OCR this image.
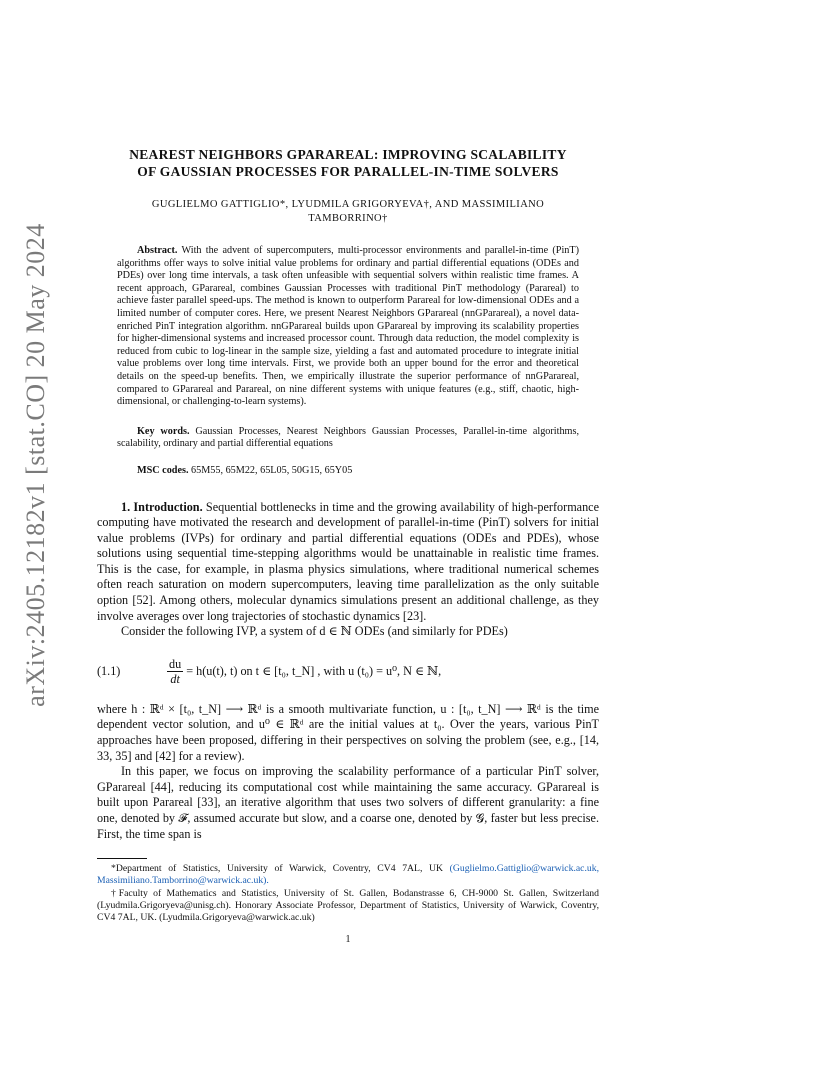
arXiv:2405.12182v1 [stat.CO] 20 May 2024
NEAREST NEIGHBORS GPARAREAL: IMPROVING SCALABILITY
OF GAUSSIAN PROCESSES FOR PARALLEL-IN-TIME SOLVERS
GUGLIELMO GATTIGLIO*, LYUDMILA GRIGORYEVA†, AND MASSIMILIANO
TAMBORRINO†

Abstract. With the advent of supercomputers, multi-processor environments and parallel-in-time (PinT) algorithms offer ways to solve initial value problems for ordinary and partial differential equations (ODEs and PDEs) over long time intervals, a task often unfeasible with sequential solvers within realistic time frames. A recent approach, GParareal, combines Gaussian Processes with traditional PinT methodology (Parareal) to achieve faster parallel speed-ups. The method is known to outperform Parareal for low-dimensional ODEs and a limited number of computer cores. Here, we present Nearest Neighbors GParareal (nnGParareal), a novel data-enriched PinT integration algorithm. nnGParareal builds upon GParareal by improving its scalability properties for higher-dimensional systems and increased processor count. Through data reduction, the model complexity is reduced from cubic to log-linear in the sample size, yielding a fast and automated procedure to integrate initial value problems over long time intervals. First, we provide both an upper bound for the error and theoretical details on the speed-up benefits. Then, we empirically illustrate the superior performance of nnGParareal, compared to GParareal and Parareal, on nine different systems with unique features (e.g., stiff, chaotic, high-dimensional, or challenging-to-learn systems).

Key words. Gaussian Processes, Nearest Neighbors Gaussian Processes, Parallel-in-time algorithms, scalability, ordinary and partial differential equations

MSC codes. 65M55, 65M22, 65L05, 50G15, 65Y05

1. Introduction. Sequential bottlenecks in time and the growing availability of high-performance computing have motivated the research and development of parallel-in-time (PinT) solvers for initial value problems (IVPs) for ordinary and partial differential equations (ODEs and PDEs), whose solutions using sequential time-stepping algorithms would be unattainable in realistic time frames. This is the case, for example, in plasma physics simulations, where traditional numerical schemes often reach saturation on modern supercomputers, leaving time parallelization as the only suitable option [52]. Among others, molecular dynamics simulations present an additional challenge, as they involve averages over long trajectories of stochastic dynamics [23].

Consider the following IVP, a system of d ∈ ℕ ODEs (and similarly for PDEs)

(1.1)	$\frac{du}{dt} = h(u(t)$, t) on t ∈ [t₀, t_N] , with u (t₀) = u⁰, N ∈ ℕ,

where h : ℝᵈ × [t₀, t_N] ⟶ ℝᵈ is a smooth multivariate function, u : [t₀, t_N] ⟶ ℝᵈ is the time dependent vector solution, and u⁰ ∈ ℝᵈ are the initial values at t₀. Over the years, various PinT approaches have been proposed, differing in their perspectives on solving the problem (see, e.g., [14, 33, 35] and [42] for a review).

In this paper, we focus on improving the scalability performance of a particular PinT solver, GParareal [44], reducing its computational cost while maintaining the same accuracy. GParareal is built upon Parareal [33], an iterative algorithm that uses two solvers of different granularity: a fine one, denoted by 𝓕, assumed accurate but slow, and a coarse one, denoted by 𝓖, faster but less precise. First, the time span is

*Department of Statistics, University of Warwick, Coventry, CV4 7AL, UK (Guglielmo.Gattiglio@warwick.ac.uk, Massimiliano.Tamborrino@warwick.ac.uk).

†Faculty of Mathematics and Statistics, University of St. Gallen, Bodanstrasse 6, CH-9000 St. Gallen, Switzerland (Lyudmila.Grigoryeva@unisg.ch). Honorary Associate Professor, Department of Statistics, University of Warwick, Coventry, CV4 7AL, UK. (Lyudmila.Grigoryeva@warwick.ac.uk)

1
